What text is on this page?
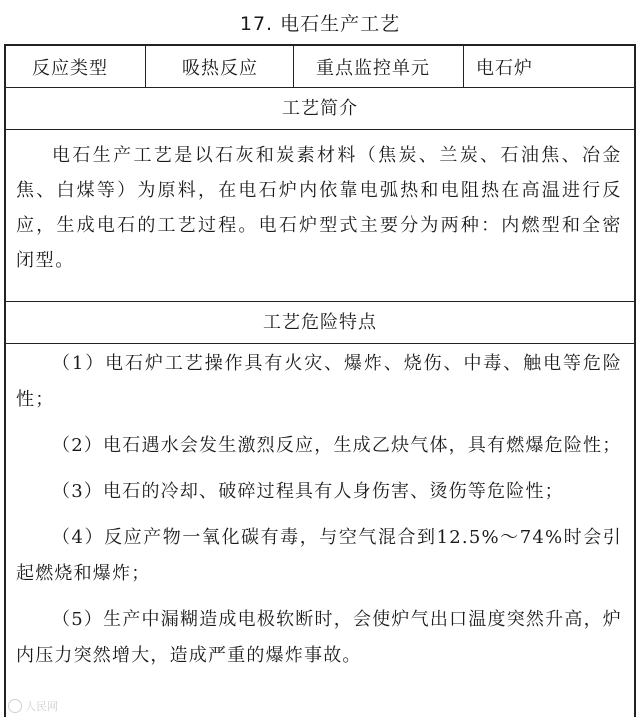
17. 电石生产工艺
反应类型	吸热反应	重点监控单元	电石炉
工艺简介

电石生产工艺是以石灰和炭素材料（焦炭、兰炭、石油焦、冶金焦、白煤等）为原料，在电石炉内依靠电弧热和电阻热在高温进行反应，生成电石的工艺过程。电石炉型式主要分为两种：内燃型和全密闭型。

工艺危险特点

（1）电石炉工艺操作具有火灾、爆炸、烧伤、中毒、触电等危险性；

（2）电石遇水会发生激烈反应，生成乙炔气体，具有燃爆危险性；

（3）电石的冷却、破碎过程具有人身伤害、烫伤等危险性；

（4）反应产物一氧化碳有毒，与空气混合到12.5%～74%时会引起燃烧和爆炸；

（5）生产中漏糊造成电极软断时，会使炉气出口温度突然升高，炉内压力突然增大，造成严重的爆炸事故。

人民网
